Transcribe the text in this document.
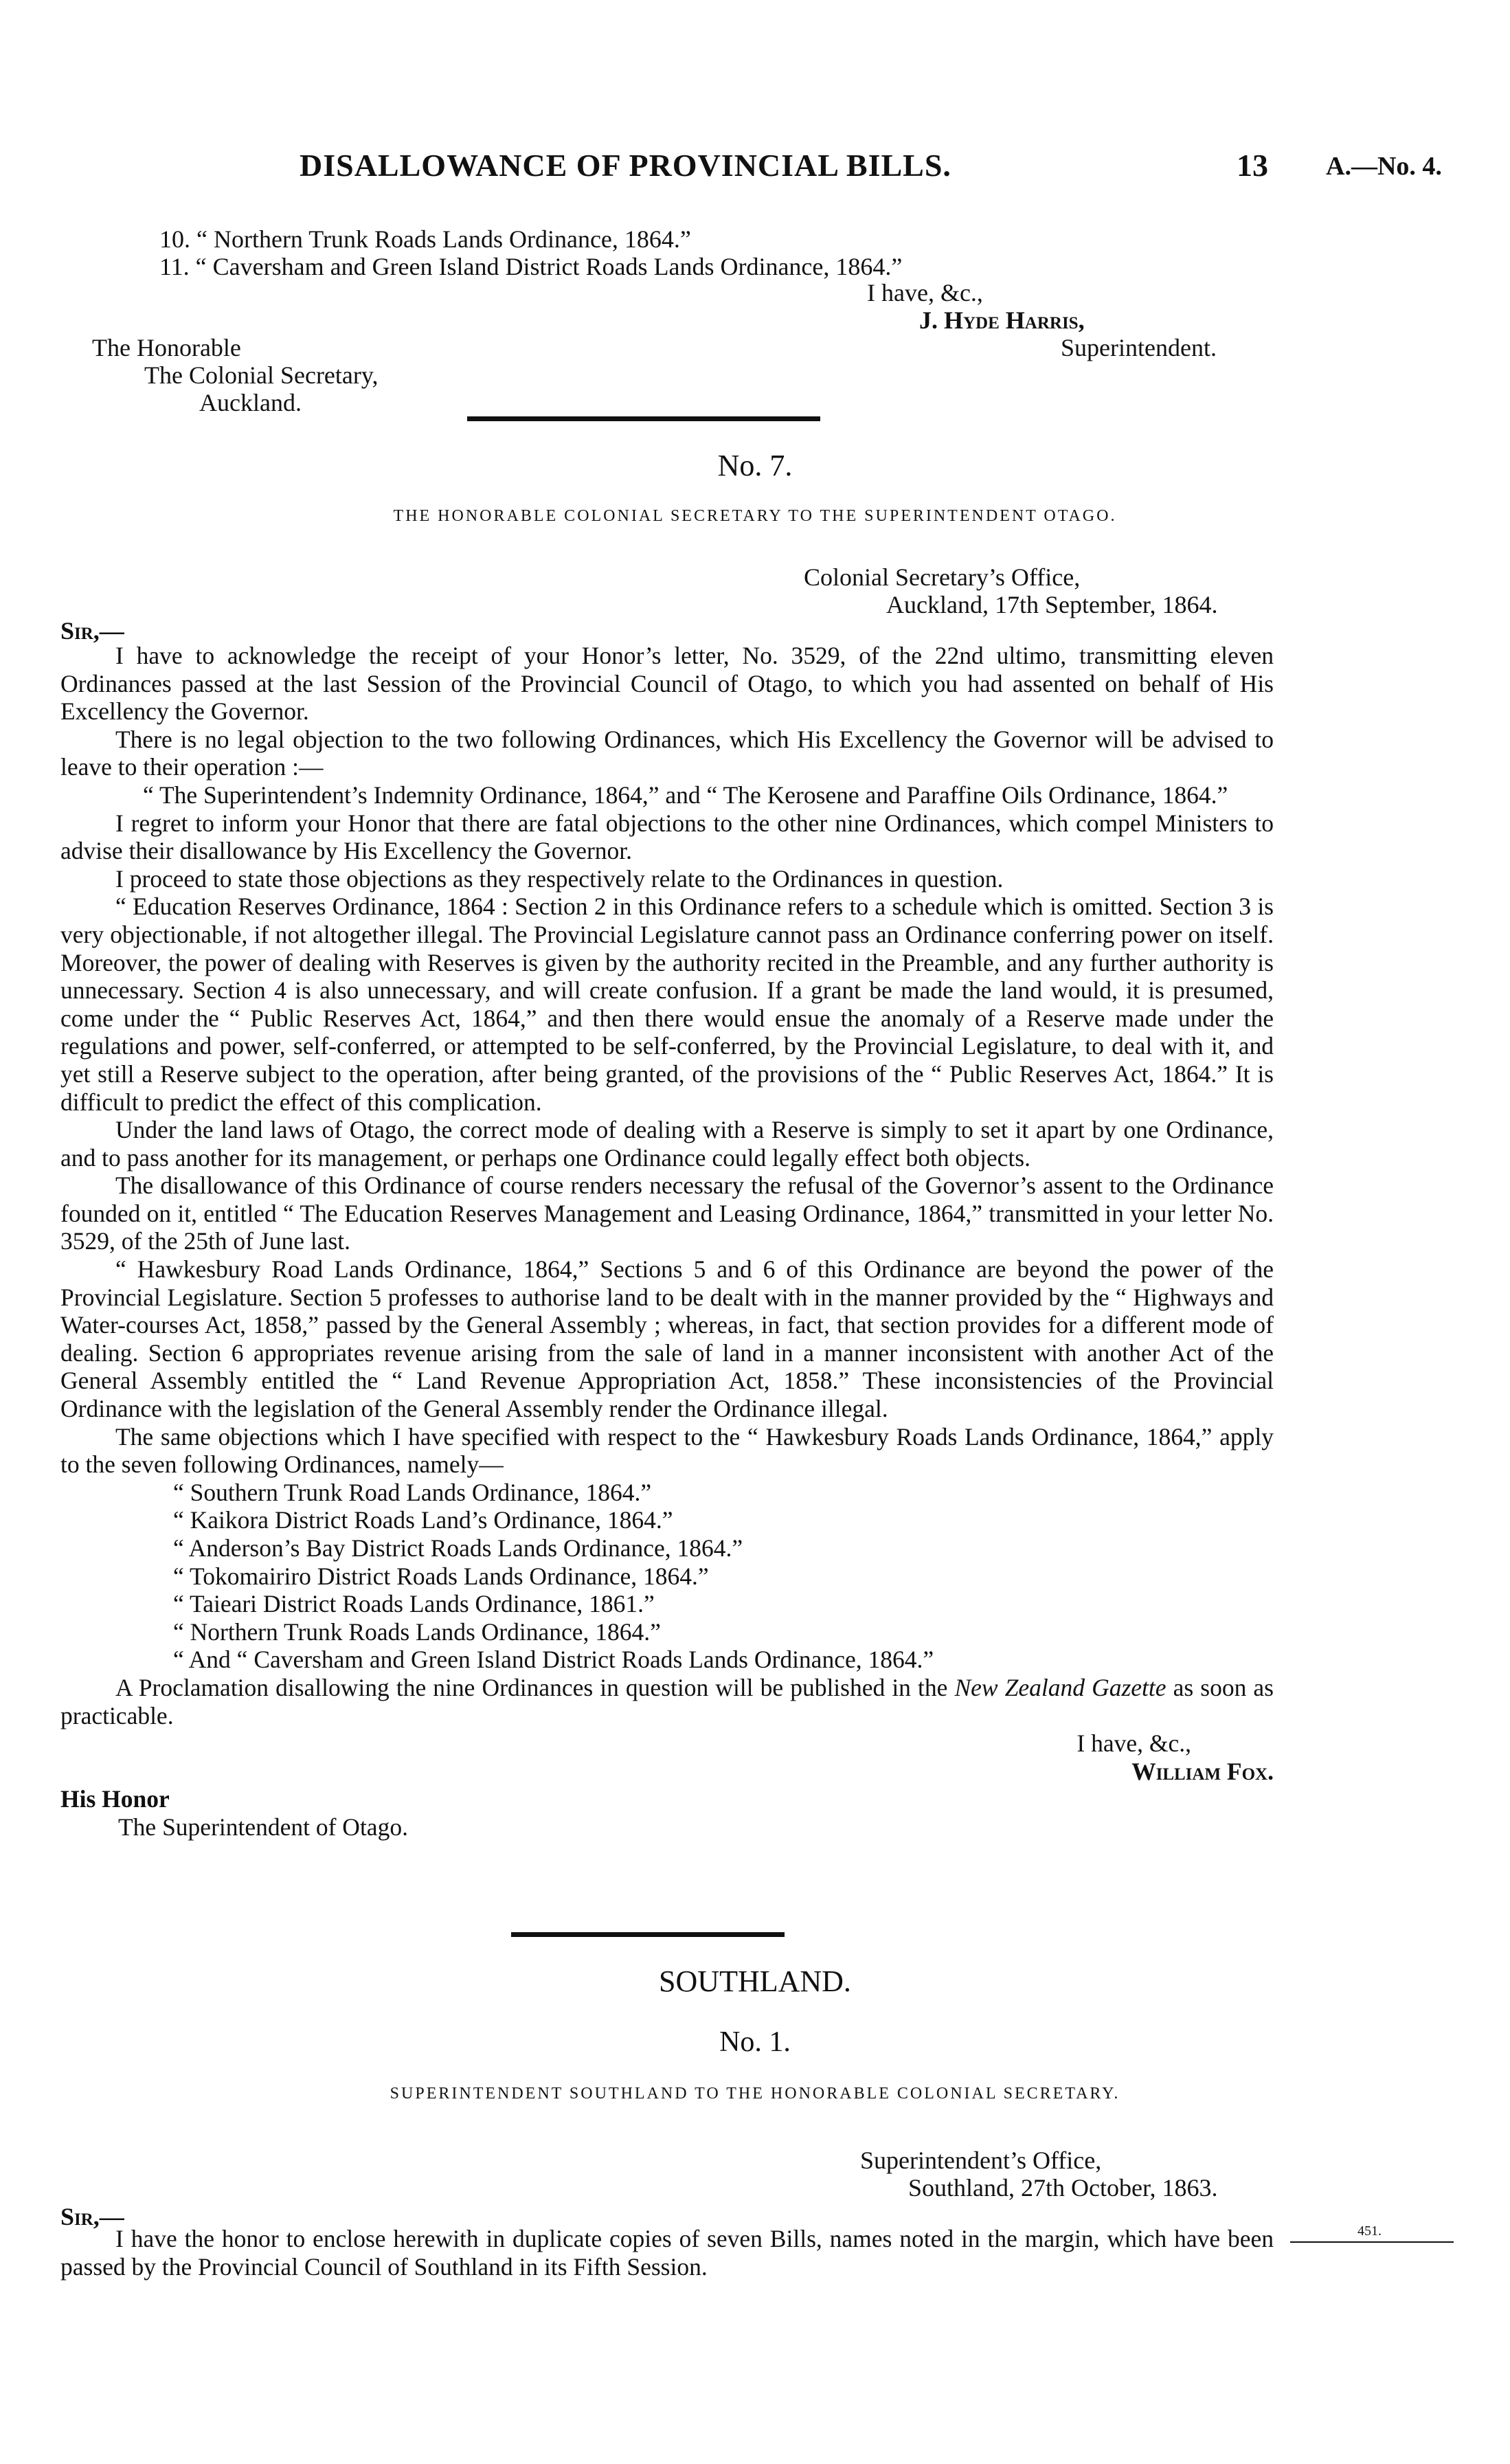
DISALLOWANCE OF PROVINCIAL BILLS.	13 A.—No. 4.
10. “ Northern Trunk Roads Lands Ordinance, 1864.”
11. “ Caversham and Green Island District Roads Lands Ordinance, 1864.”
I have, &c.,
J. Hyde Harris,
The Honorable	Superintendent.
The Colonial Secretary,
Auckland.
No. 7.
THE HONORABLE COLONIAL SECRETARY TO THE SUPERINTENDENT OTAGO.
Colonial Secretary’s Office,
Auckland, 17th September, 1864.
Sir,—

I have to acknowledge the receipt of your Honor’s letter, No. 3529, of the 22nd ultimo, transmitting eleven Ordinances passed at the last Session of the Provincial Council of Otago, to which you had assented on behalf of His Excellency the Governor.

There is no legal objection to the two following Ordinances, which His Excellency the Governor will be advised to leave to their operation :—

“ The Superintendent’s Indemnity Ordinance, 1864,” and “ The Kerosene and Paraffine Oils Ordinance, 1864.”

I regret to inform your Honor that there are fatal objections to the other nine Ordinances, which compel Ministers to advise their disallowance by His Excellency the Governor.

I proceed to state those objections as they respectively relate to the Ordinances in question.

“ Education Reserves Ordinance, 1864 : Section 2 in this Ordinance refers to a schedule which is omitted. Section 3 is very objectionable, if not altogether illegal. The Provincial Legislature cannot pass an Ordinance conferring power on itself. Moreover, the power of dealing with Reserves is given by the authority recited in the Preamble, and any further authority is unnecessary. Section 4 is also unnecessary, and will create confusion. If a grant be made the land would, it is presumed, come under the “ Public Reserves Act, 1864,” and then there would ensue the anomaly of a Reserve made under the regulations and power, self-conferred, or attempted to be self-conferred, by the Provincial Legislature, to deal with it, and yet still a Reserve subject to the operation, after being granted, of the provisions of the “ Public Reserves Act, 1864.” It is difficult to predict the effect of this complication.

Under the land laws of Otago, the correct mode of dealing with a Reserve is simply to set it apart by one Ordinance, and to pass another for its management, or perhaps one Ordinance could legally effect both objects.

The disallowance of this Ordinance of course renders necessary the refusal of the Governor’s assent to the Ordinance founded on it, entitled “ The Education Reserves Management and Leasing Ordinance, 1864,” transmitted in your letter No. 3529, of the 25th of June last.

“ Hawkesbury Road Lands Ordinance, 1864,” Sections 5 and 6 of this Ordinance are beyond the power of the Provincial Legislature. Section 5 professes to authorise land to be dealt with in the manner provided by the “ Highways and Water-courses Act, 1858,” passed by the General Assembly ; whereas, in fact, that section provides for a different mode of dealing. Section 6 appropriates revenue arising from the sale of land in a manner inconsistent with another Act of the General Assembly entitled the “ Land Revenue Appropriation Act, 1858.” These inconsistencies of the Provincial Ordinance with the legislation of the General Assembly render the Ordinance illegal.

The same objections which I have specified with respect to the “ Hawkesbury Roads Lands Ordinance, 1864,” apply to the seven following Ordinances, namely—

“ Southern Trunk Road Lands Ordinance, 1864.”

“ Kaikora District Roads Land’s Ordinance, 1864.”

“ Anderson’s Bay District Roads Lands Ordinance, 1864.”

“ Tokomairiro District Roads Lands Ordinance, 1864.”

“ Taieari District Roads Lands Ordinance, 1861.”

“ Northern Trunk Roads Lands Ordinance, 1864.”

“ And “ Caversham and Green Island District Roads Lands Ordinance, 1864.”

A Proclamation disallowing the nine Ordinances in question will be published in the New Zealand Gazette as soon as practicable.

I have, &c.,

William Fox.

His Honor

The Superintendent of Otago.

SOUTHLAND.
No. 1.
SUPERINTENDENT SOUTHLAND TO THE HONORABLE COLONIAL SECRETARY.
Superintendent’s Office,
Southland, 27th October, 1863.
Sir,—

I have the honor to enclose herewith in duplicate copies of seven Bills, names noted in the margin, which have been passed by the Provincial Council of Southland in its Fifth Session.

451.
